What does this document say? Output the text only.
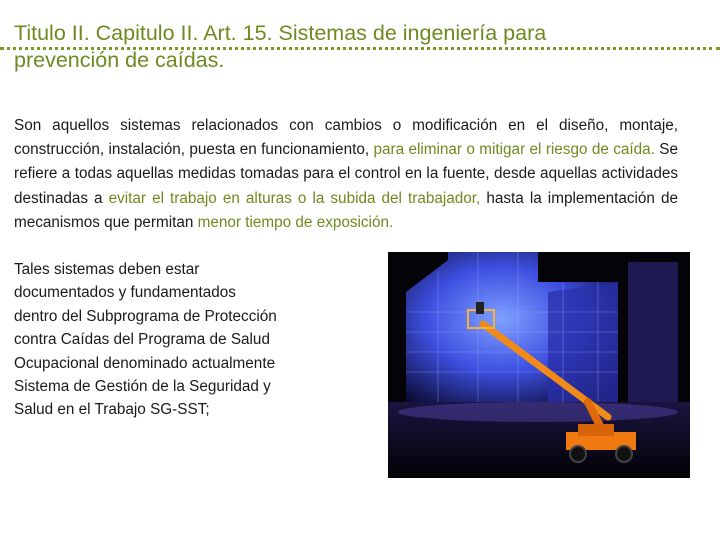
Titulo II. Capitulo II. Art. 15. Sistemas de ingeniería para
prevención de caídas.

Son aquellos sistemas relacionados con cambios o modificación en el diseño, montaje, construcción, instalación, puesta en funcionamiento, para eliminar o mitigar el riesgo de caída. Se refiere a todas aquellas medidas tomadas para el control en la fuente, desde aquellas actividades destinadas a evitar el trabajo en alturas o la subida del trabajador, hasta la implementación de mecanismos que permitan menor tiempo de exposición.

Tales sistemas deben estar
documentados y fundamentados
dentro del Subprograma de Protección
contra Caídas del Programa de Salud
Ocupacional denominado actualmente
Sistema de Gestión de la Seguridad y
Salud en el Trabajo SG-SST;
